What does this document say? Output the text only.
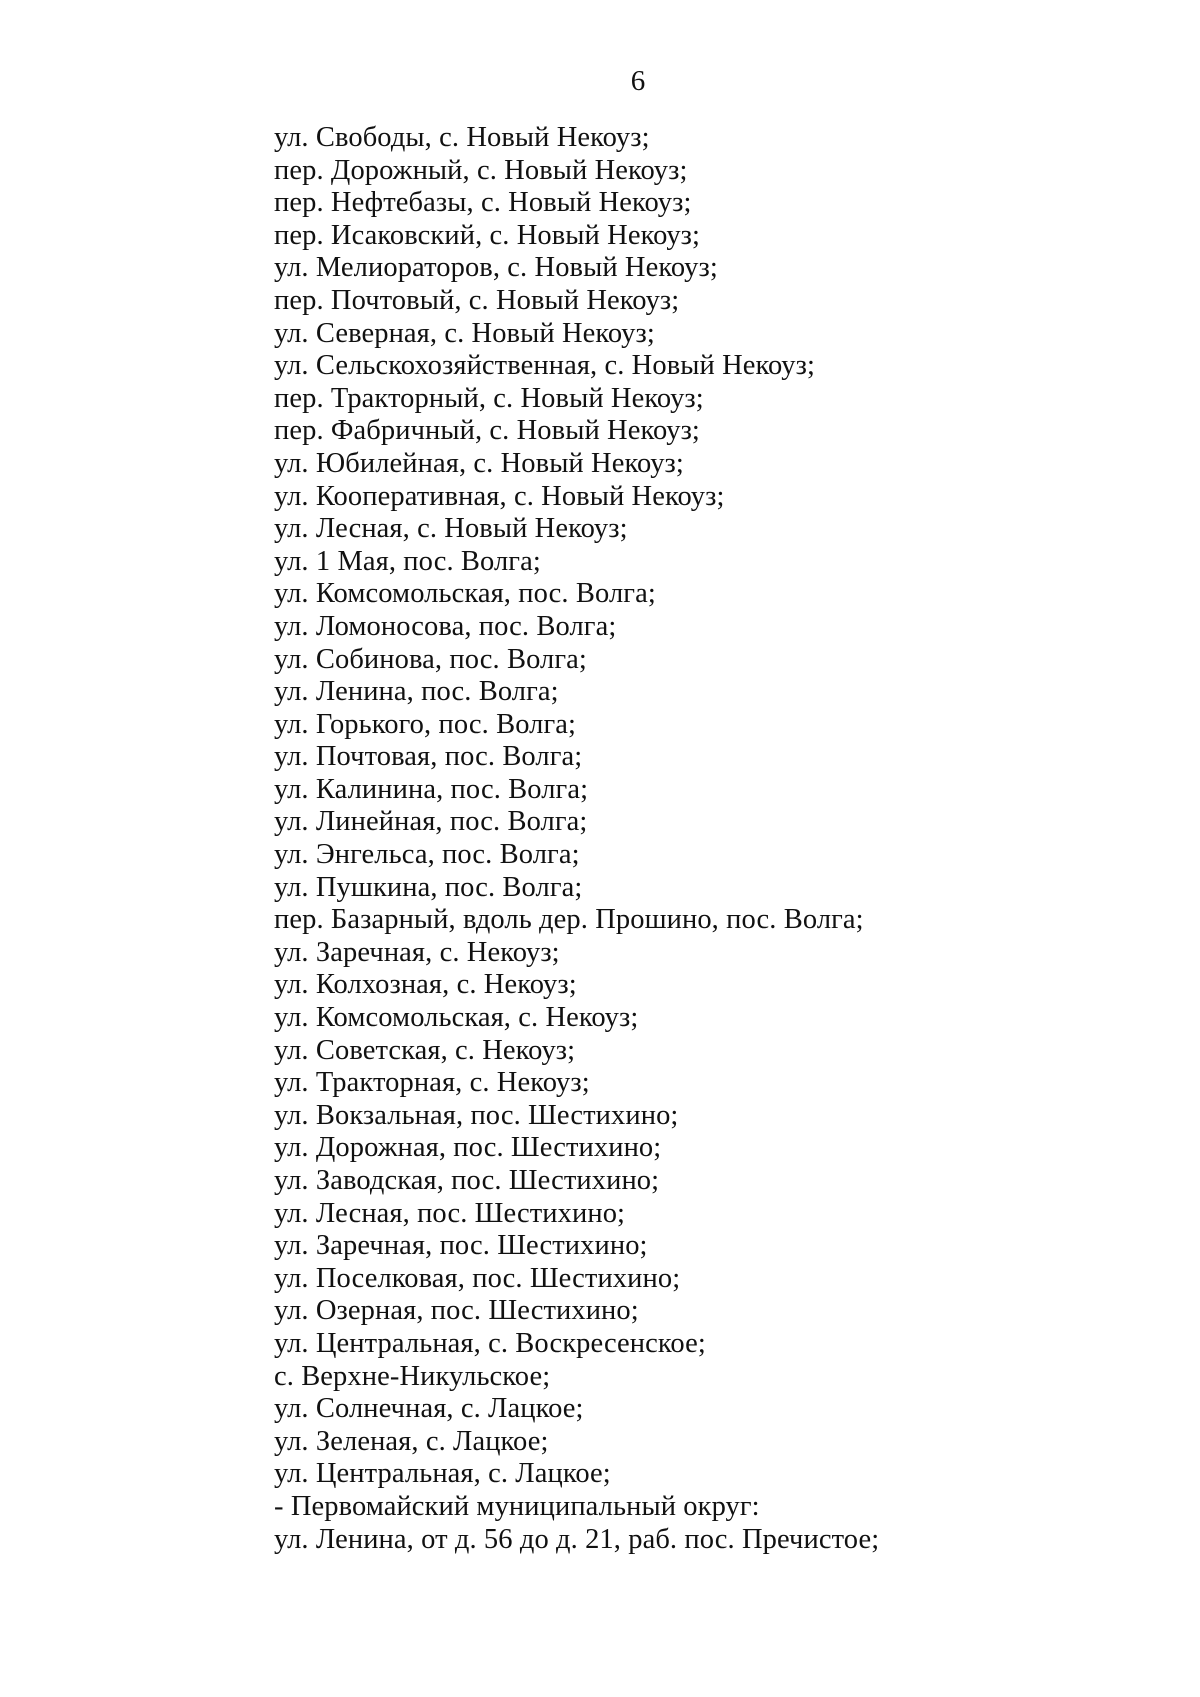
6
ул. Свободы, с. Новый Некоуз;
пер. Дорожный, с. Новый Некоуз;
пер. Нефтебазы, с. Новый Некоуз;
пер. Исаковский, с. Новый Некоуз;
ул. Мелиораторов, с. Новый Некоуз;
пер. Почтовый, с. Новый Некоуз;
ул. Северная, с. Новый Некоуз;
ул. Сельскохозяйственная, с. Новый Некоуз;
пер. Тракторный, с. Новый Некоуз;
пер. Фабричный, с. Новый Некоуз;
ул. Юбилейная, с. Новый Некоуз;
ул. Кооперативная, с. Новый Некоуз;
ул. Лесная, с. Новый Некоуз;
ул. 1 Мая, пос. Волга;
ул. Комсомольская, пос. Волга;
ул. Ломоносова, пос. Волга;
ул. Собинова, пос. Волга;
ул. Ленина, пос. Волга;
ул. Горького, пос. Волга;
ул. Почтовая, пос. Волга;
ул. Калинина, пос. Волга;
ул. Линейная, пос. Волга;
ул. Энгельса, пос. Волга;
ул. Пушкина, пос. Волга;
пер. Базарный, вдоль дер. Прошино, пос. Волга;
ул. Заречная, с. Некоуз;
ул. Колхозная, с. Некоуз;
ул. Комсомольская, с. Некоуз;
ул. Советская, с. Некоуз;
ул. Тракторная, с. Некоуз;
ул. Вокзальная, пос. Шестихино;
ул. Дорожная, пос. Шестихино;
ул. Заводская, пос. Шестихино;
ул. Лесная, пос. Шестихино;
ул. Заречная, пос. Шестихино;
ул. Поселковая, пос. Шестихино;
ул. Озерная, пос. Шестихино;
ул. Центральная, с. Воскресенское;
с. Верхне-Никульское;
ул. Солнечная, с. Лацкое;
ул. Зеленая, с. Лацкое;
ул. Центральная, с. Лацкое;
- Первомайский муниципальный округ:
ул. Ленина, от д. 56 до д. 21, раб. пос. Пречистое;
